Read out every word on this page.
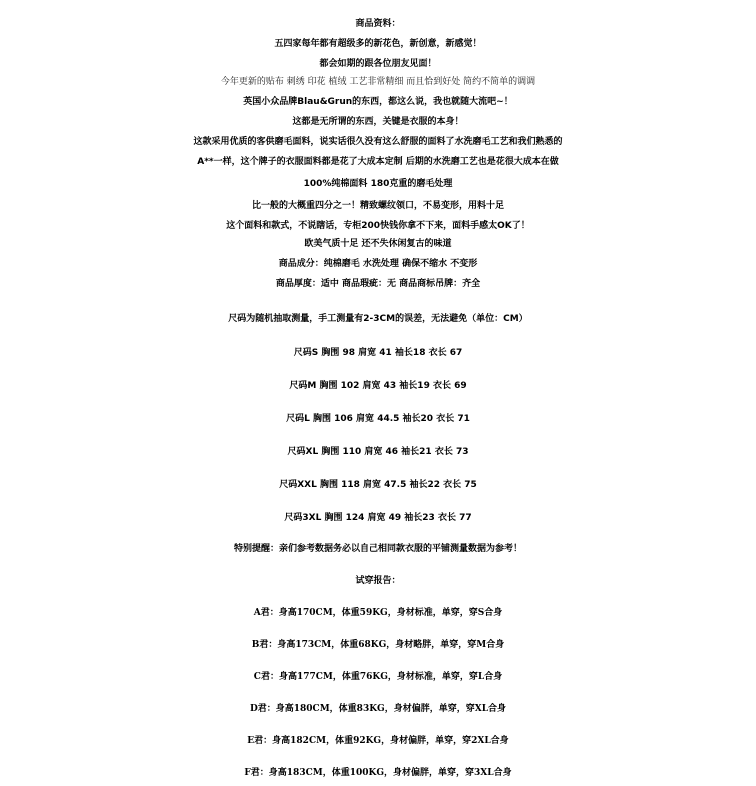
商品资料：
五四家每年都有超级多的新花色，新创意，新感觉！
都会如期的跟各位朋友见面！
今年更新的贴布 刺绣 印花 植绒 工艺非常精细 而且恰到好处 简约不简单的调调
英国小众品牌Blau&Grun的东西，都这么说，我也就随大流吧~！
这都是无所谓的东西，关键是衣服的本身！
这款采用优质的客供磨毛面料，说实话很久没有这么舒服的面料了水洗磨毛工艺和我们熟悉的
A**一样，这个牌子的衣服面料都是花了大成本定制 后期的水洗磨工艺也是花很大成本在做
100%纯棉面料 180克重的磨毛处理
比一般的大概重四分之一！精致螺纹领口，不易变形，用料十足
这个面料和款式，不说瞎话，专柜200快钱你拿不下来，面料手感太OK了！
欧美气质十足 还不失休闲复古的味道
商品成分：纯棉磨毛 水洗处理 确保不缩水 不变形
商品厚度：适中 商品瑕疵：无 商品商标吊牌：齐全
尺码为随机抽取测量，手工测量有2-3CM的误差，无法避免（单位：CM）
尺码S 胸围 98 肩宽 41 袖长18 衣长 67
尺码M 胸围 102 肩宽 43 袖长19 衣长 69
尺码L 胸围 106 肩宽 44.5 袖长20 衣长 71
尺码XL 胸围 110 肩宽 46 袖长21 衣长 73
尺码XXL 胸围 118 肩宽 47.5 袖长22 衣长 75
尺码3XL 胸围 124 肩宽 49 袖长23 衣长 77
特别提醒：亲们参考数据务必以自己相同款衣服的平铺测量数据为参考！
试穿报告：
A君：身高170CM，体重59KG，身材标准，单穿，穿S合身
B君：身高173CM，体重68KG，身材略胖，单穿，穿M合身
C君：身高177CM，体重76KG，身材标准，单穿，穿L合身
D君：身高180CM，体重83KG，身材偏胖，单穿，穿XL合身
E君：身高182CM，体重92KG，身材偏胖，单穿，穿2XL合身
F君：身高183CM，体重100KG，身材偏胖，单穿，穿3XL合身
